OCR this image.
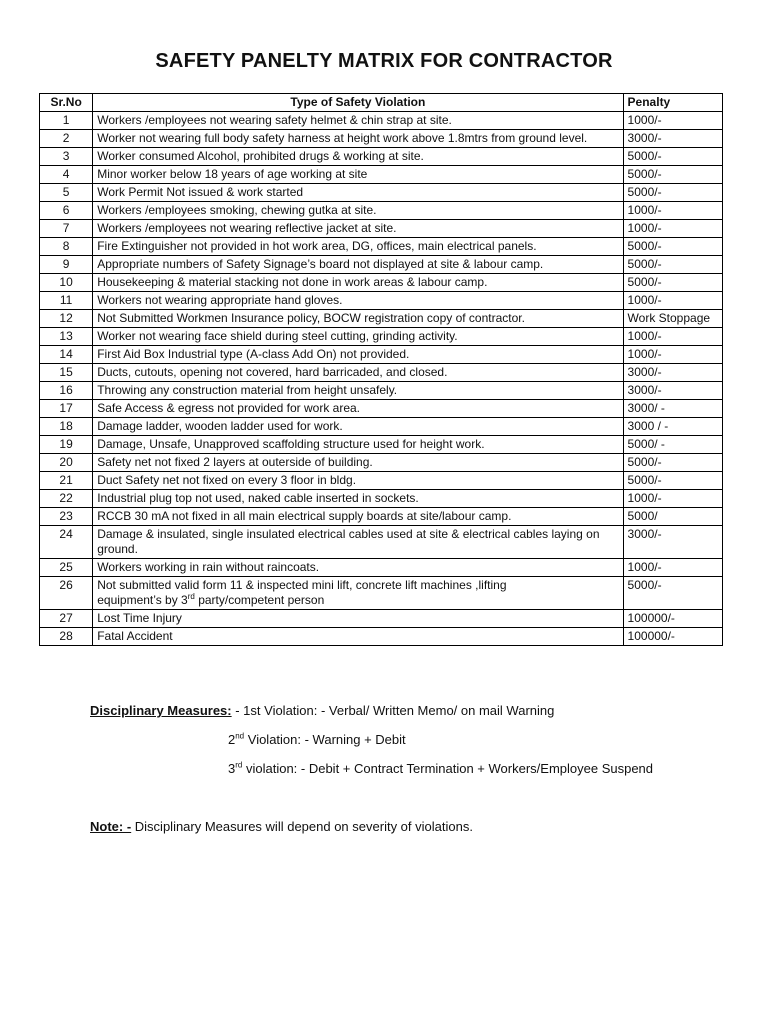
SAFETY PANELTY MATRIX FOR CONTRACTOR
Sr.No	Type of Safety Violation	Penalty
1	Workers /employees not wearing safety helmet & chin strap at site.	1000/-
2	Worker not wearing full body safety harness at height work above 1.8mtrs from ground level.	3000/-
3	Worker consumed Alcohol, prohibited drugs & working at site.	5000/-
4	Minor worker below 18 years of age working at site	5000/-
5	Work Permit Not issued & work started	5000/-
6	Workers /employees smoking, chewing gutka at site.	1000/-
7	Workers /employees not wearing reflective jacket at site.	1000/-
8	Fire Extinguisher not provided in hot work area, DG, offices, main electrical panels.	5000/-
9	Appropriate numbers of Safety Signage’s board not displayed at site & labour camp.	5000/-
10	Housekeeping & material stacking not done in work areas & labour camp.	5000/-
11	Workers not wearing appropriate hand gloves.	1000/-
12	Not Submitted Workmen Insurance policy, BOCW registration copy of contractor.	Work Stoppage
13	Worker not wearing face shield during steel cutting, grinding activity.	1000/-
14	First Aid Box Industrial type (A-class Add On) not provided.	1000/-
15	Ducts, cutouts, opening not covered, hard barricaded, and closed.	3000/-
16	Throwing any construction material from height unsafely.	3000/-
17	Safe Access & egress not provided for work area.	3000/ -
18	Damage ladder, wooden ladder used for work.	3000 / -
19	Damage, Unsafe, Unapproved scaffolding structure used for height work.	5000/ -
20	Safety net not fixed 2 layers at outerside of building.	5000/-
21	Duct Safety net not fixed on every 3 floor in bldg.	5000/-
22	Industrial plug top not used, naked cable inserted in sockets.	1000/-
23	RCCB 30 mA not fixed in all main electrical supply boards at site/labour camp.	5000/
24	Damage & insulated, single insulated electrical cables used at site & electrical cables laying on ground.	3000/-
25	Workers working in rain without raincoats.	1000/-
26	Not submitted valid form 11 & inspected mini lift, concrete lift machines ,lifting
equipment’s by 3rd party/competent person	5000/-
27	Lost Time Injury	100000/-
28	Fatal Accident	100000/-
Disciplinary Measures: - 1st Violation: - Verbal/ Written Memo/ on mail Warning
2nd Violation: - Warning + Debit
3rd violation: - Debit + Contract Termination + Workers/Employee Suspend
Note: - Disciplinary Measures will depend on severity of violations.
